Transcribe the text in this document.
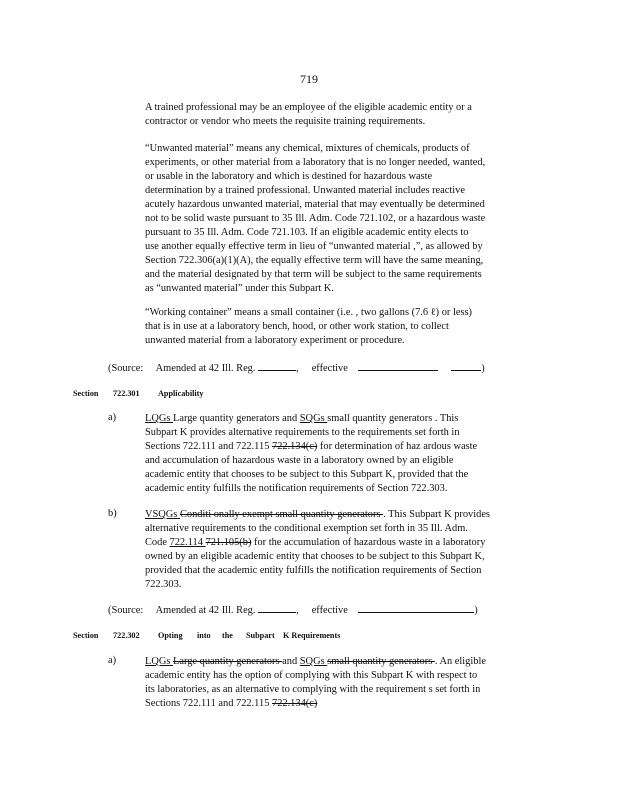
719
A trained professional may be an employee of the eligible academic entity or a
contractor or vendor who meets the requisite training requirements.
“Unwanted material” means any chemical, mixtures of chemicals, products of
experiments, or other material from a laboratory that is no longer needed, wanted,
or usable in the laboratory and which is destined for hazardous waste
determination by a trained professional. Unwanted material includes reactive
acutely hazardous unwanted material, material that may eventually be determined
not to be solid waste pursuant to 35 Ill. Adm. Code 721.102, or a hazardous waste
pursuant to 35 Ill. Adm. Code 721.103. If an eligible academic entity elects to
use another equally effective term in lieu of “unwanted material ,”, as allowed by
Section 722.306(a)(1)(A), the equally effective term will have the same meaning,
and the material designated by that term will be subject to the same requirements
as “unwanted material” under this Subpart K.
“Working container” means a small container (i.e. , two gallons (7.6 ℓ) or less)
that is in use at a laboratory bench, hood, or other work station, to collect
unwanted material from a laboratory experiment or procedure.
(Source: Amended at 42 Ill. Reg.	, effective	)
Section 722.301 Applicability
a)	LQGs Large quantity generators and SQGs small quantity generators . This
Subpart K provides alternative requirements to the requirements set forth in
Sections 722.111 and 722.115 722.134(c) for determination of haz ardous waste
and accumulation of hazardous waste in a laboratory owned by an eligible
academic entity that chooses to be subject to this Subpart K, provided that the
academic entity fulfills the notification requirements of Section 722.303.
b)	VSQGs Conditi onally exempt small quantity generators . This Subpart K provides
alternative requirements to the conditional exemption set forth in 35 Ill. Adm.
Code 722.114 721.105(b) for the accumulation of hazardous waste in a laboratory
owned by an eligible academic entity that chooses to be subject to this Subpart K,
provided that the academic entity fulfills the notification requirements of Section
722.303.
(Source: Amended at 42 Ill. Reg.	, effective	)
Section 722.302 Opting into the Subpart K Requirements
a)	LQGs Large quantity generators and SQGs small quantity generators . An eligible
academic entity has the option of complying with this Subpart K with respect to
its laboratories, as an alternative to complying with the requirement s set forth in
Sections 722.111 and 722.115 722.134(c)
